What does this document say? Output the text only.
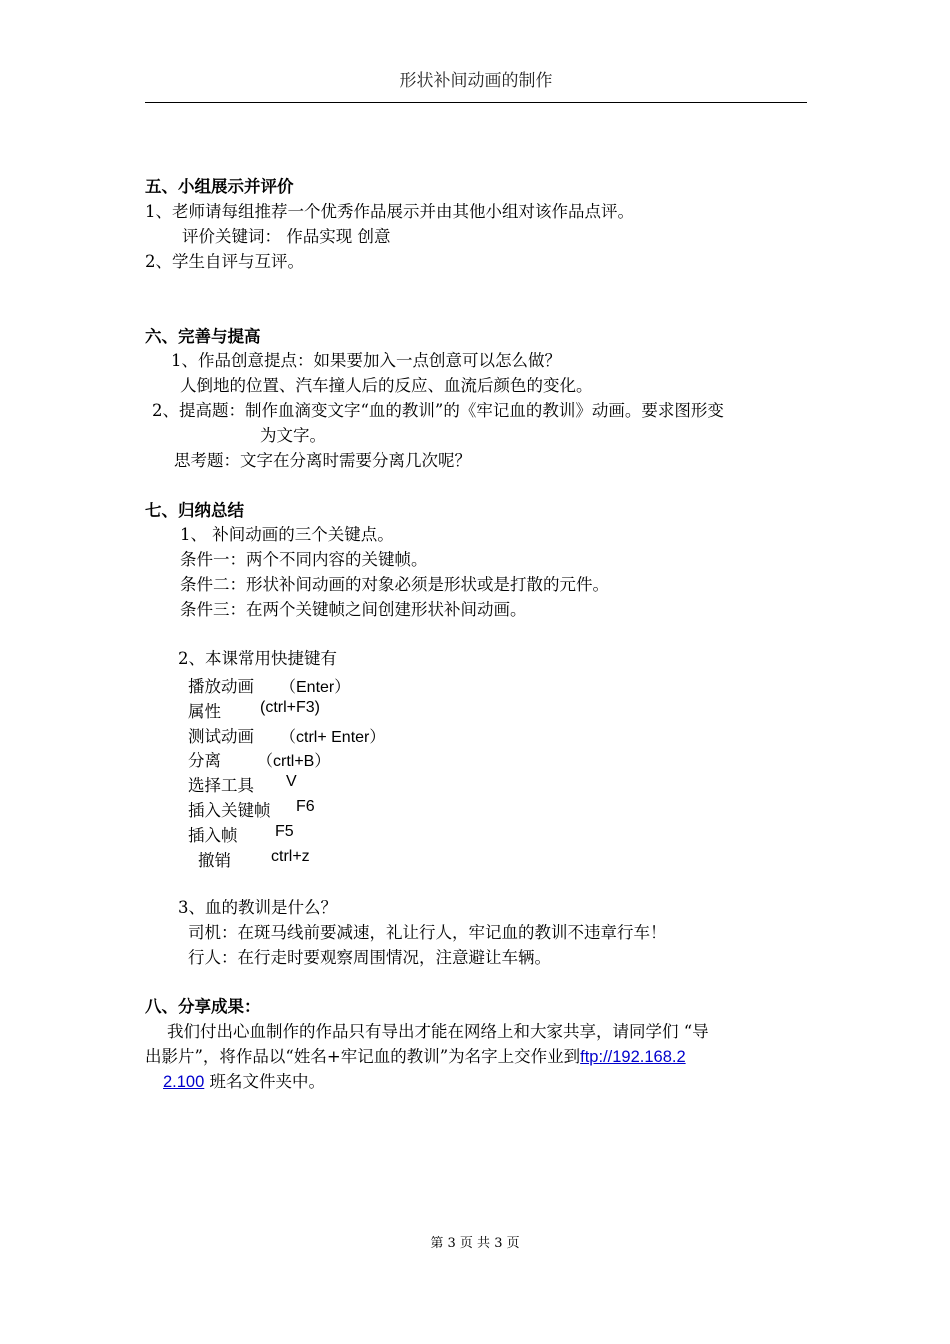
形状补间动画的制作
五、小组展示并评价
1、老师请每组推荐一个优秀作品展示并由其他小组对该作品点评。
评价关键词： 作品实现 创意
2、学生自评与互评。
六、完善与提高
1、作品创意提点：如果要加入一点创意可以怎么做？
人倒地的位置、汽车撞人后的反应、血流后颜色的变化。
2、提高题：制作血滴变文字“血的教训”的《牢记血的教训》动画。要求图形变
为文字。
思考题：文字在分离时需要分离几次呢？
七、归纳总结
1、 补间动画的三个关键点。
条件一：两个不同内容的关键帧。
条件二：形状补间动画的对象必须是形状或是打散的元件。
条件三：在两个关键帧之间创建形状补间动画。
2、本课常用快捷键有
播放动画 （Enter）
属性 (ctrl+F3)
测试动画 （ctrl+ Enter）
分离 （crtl+B）
选择工具 V
插入关键帧 F6
插入帧 F5
撤销	ctrl+z
3、血的教训是什么？
司机：在斑马线前要减速，礼让行人，牢记血的教训不违章行车！
行人：在行走时要观察周围情况，注意避让车辆。
八、分享成果：
我们付出心血制作的作品只有导出才能在网络上和大家共享，请同学们 “导
出影片”，将作品以“姓名+牢记血的教训”为名字上交作业到ftp://192.168.2
2.100 班名文件夹中。
第 3 页 共 3 页
